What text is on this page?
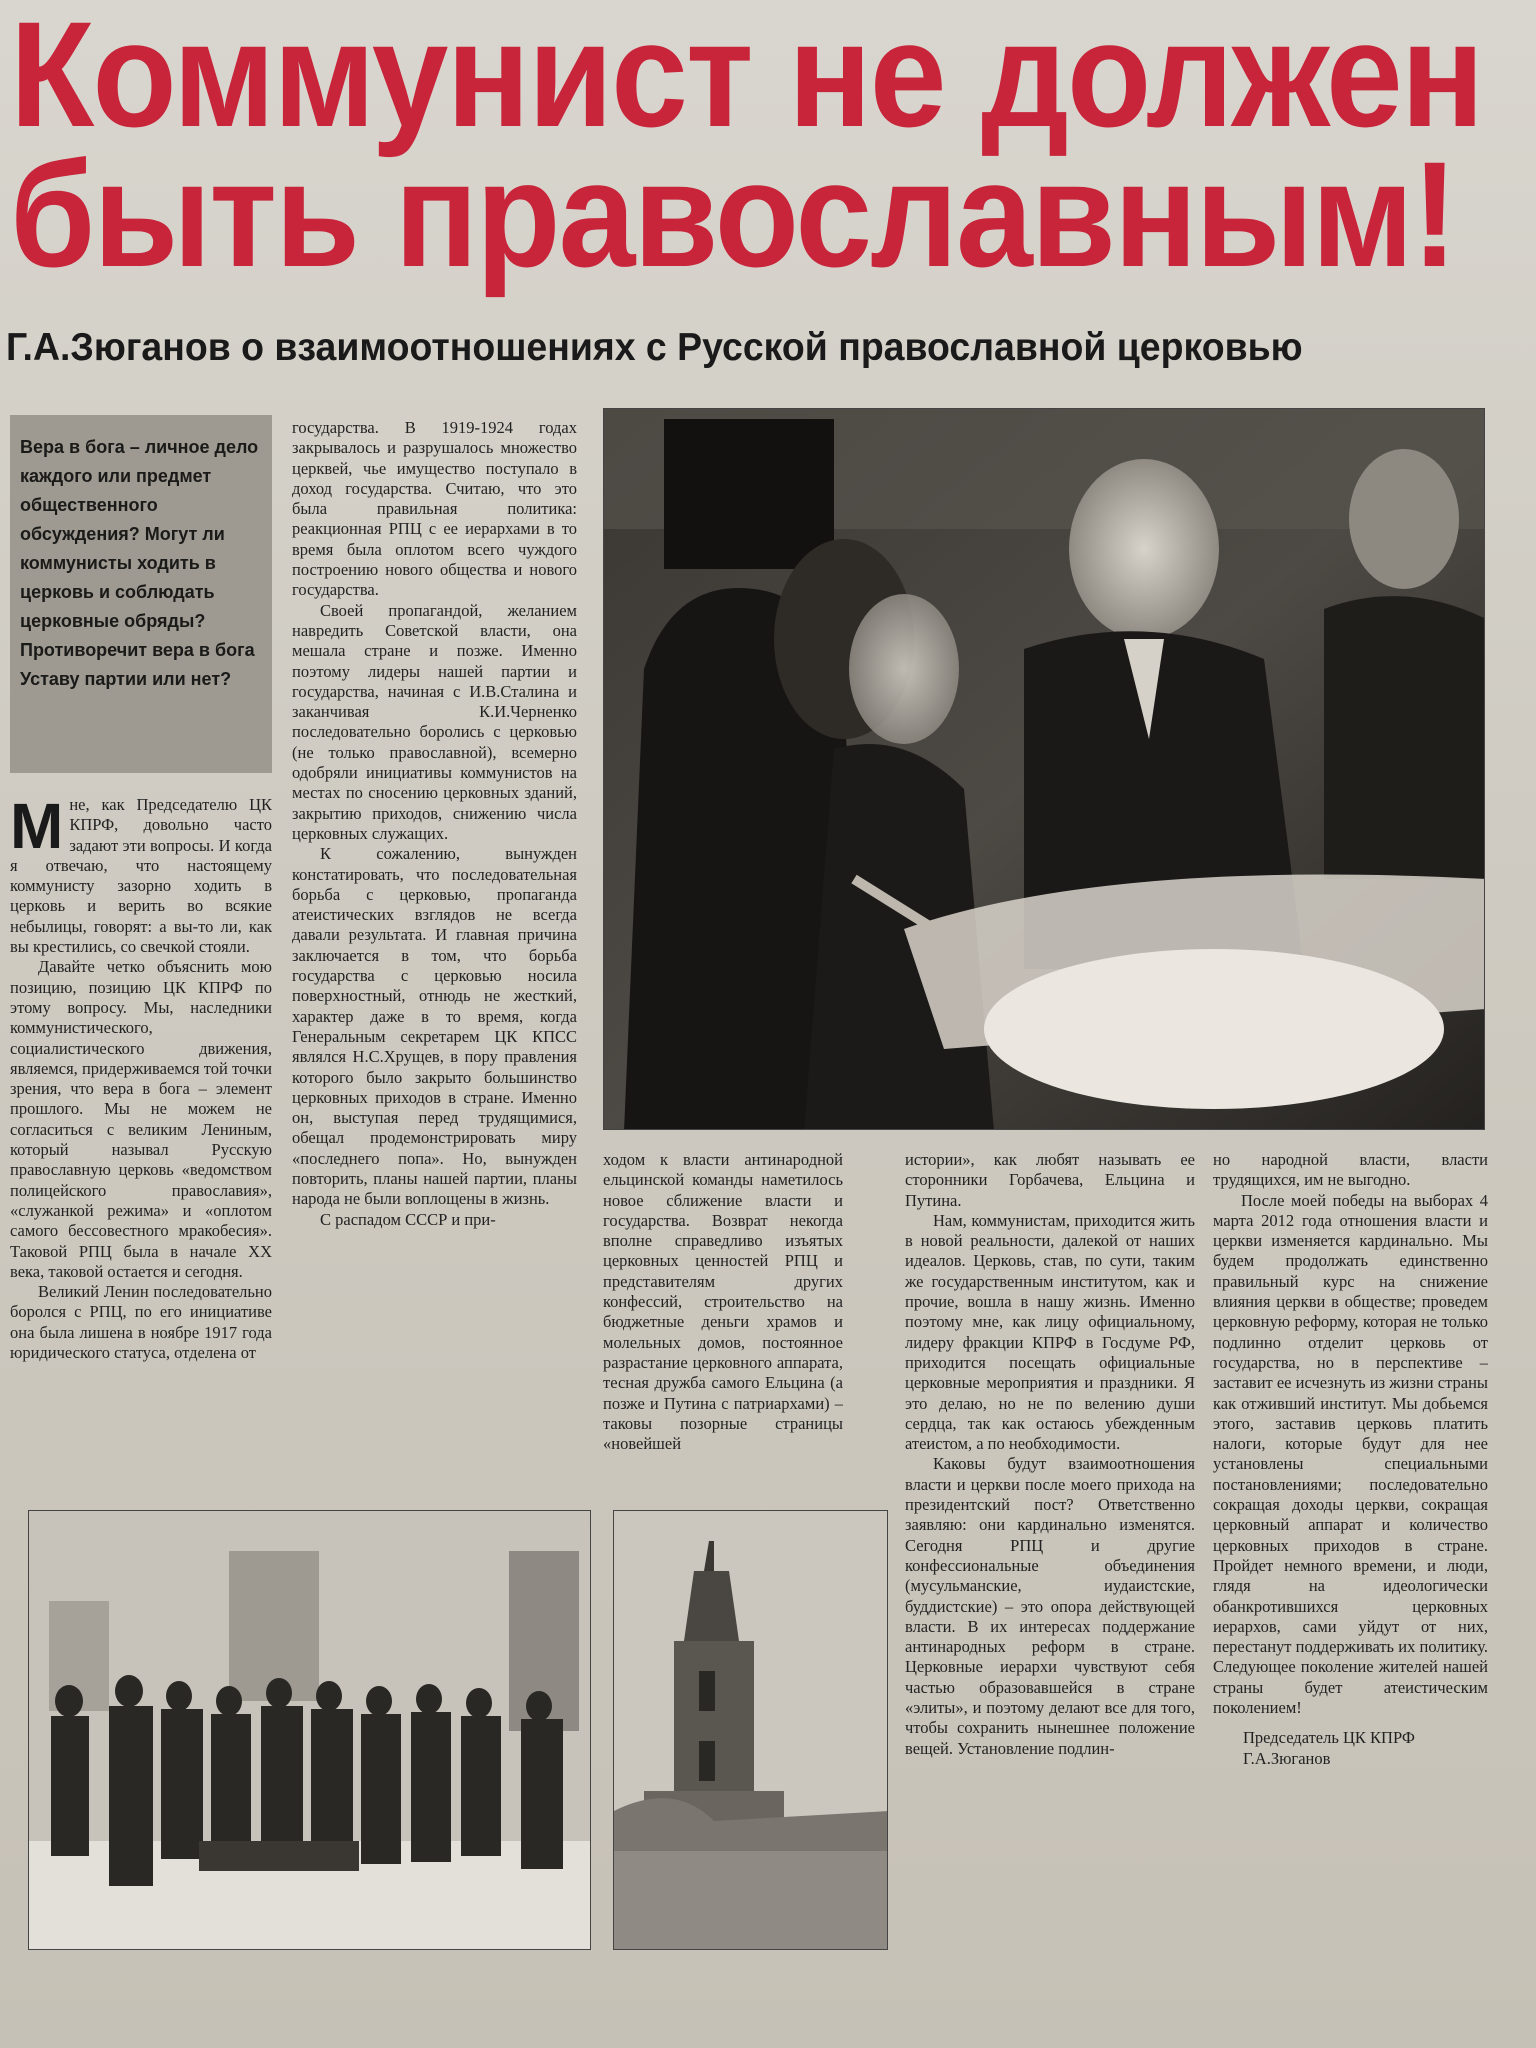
Коммунист не должен
быть православным!
Г.А.Зюганов о взаимоотношениях с Русской православной церковью
Вера в бога – личное дело каждого или предмет общественного обсуждения? Могут ли коммунисты ходить в церковь и соблюдать церковные обряды? Противоречит вера в бога Уставу партии или нет?

Мне, как Председателю ЦК КПРФ, довольно часто задают эти вопросы. И когда я отвечаю, что настоящему коммунисту зазорно ходить в церковь и верить во всякие небылицы, говорят: а вы-то ли, как вы крестились, со свечкой стояли.

Давайте четко объяснить мою позицию, позицию ЦК КПРФ по этому вопросу. Мы, наследники коммунистического, социалистического движения, являемся, придерживаемся той точки зрения, что вера в бога – элемент прошлого. Мы не можем не согласиться с великим Лениным, который называл Русскую православную церковь «ведомством полицейского православия», «служанкой режима» и «оплотом самого бессовестного мракобесия». Таковой РПЦ была в начале XX века, таковой остается и сегодня.

Великий Ленин последовательно боролся с РПЦ, по его инициативе она была лишена в ноябре 1917 года юридического статуса, отделена от

государства. В 1919-1924 годах закрывалось и разрушалось множество церквей, чье имущество поступало в доход государства. Считаю, что это была правильная политика: реакционная РПЦ с ее иерархами в то время была оплотом всего чуждого построению нового общества и нового государства.

Своей пропагандой, желанием навредить Советской власти, она мешала стране и позже. Именно поэтому лидеры нашей партии и государства, начиная с И.В.Сталина и заканчивая К.И.Черненко последовательно боролись с церковью (не только православной), всемерно одобряли инициативы коммунистов на местах по сносению церковных зданий, закрытию приходов, снижению числа церковных служащих.

К сожалению, вынужден констатировать, что последовательная борьба с церковью, пропаганда атеистических взглядов не всегда давали результата. И главная причина заключается в том, что борьба государства с церковью носила поверхностный, отнюдь не жесткий, характер даже в то время, когда Генеральным секретарем ЦК КПСС являлся Н.С.Хрущев, в пору правления которого было закрыто большинство церковных приходов в стране. Именно он, выступая перед трудящимися, обещал продемонстрировать миру «последнего попа». Но, вынужден повторить, планы нашей партии, планы народа не были воплощены в жизнь.

С распадом СССР и при-

ходом к власти антинародной ельцинской команды наметилось новое сближение власти и государства. Возврат некогда вполне справедливо изъятых церковных ценностей РПЦ и представителям других конфессий, строительство на бюджетные деньги храмов и молельных домов, постоянное разрастание церковного аппарата, тесная дружба самого Ельцина (а позже и Путина с патриархами) – таковы позорные страницы «новейшей

истории», как любят называть ее сторонники Горбачева, Ельцина и Путина.

Нам, коммунистам, приходится жить в новой реальности, далекой от наших идеалов. Церковь, став, по сути, таким же государственным институтом, как и прочие, вошла в нашу жизнь. Именно поэтому мне, как лицу официальному, лидеру фракции КПРФ в Госдуме РФ, приходится посещать официальные церковные мероприятия и праздники. Я это делаю, но не по велению души сердца, так как остаюсь убежденным атеистом, а по необходимости.

Каковы будут взаимоотношения власти и церкви после моего прихода на президентский пост? Ответственно заявляю: они кардинально изменятся. Сегодня РПЦ и другие конфессиональные объединения (мусульманские, иудаистские, буддистские) – это опора действующей власти. В их интересах поддержание антинародных реформ в стране. Церковные иерархи чувствуют себя частью образовавшейся в стране «элиты», и поэтому делают все для того, чтобы сохранить нынешнее положение вещей. Установление подлин-

но народной власти, власти трудящихся, им не выгодно.

После моей победы на выборах 4 марта 2012 года отношения власти и церкви изменяется кардинально. Мы будем продолжать единственно правильный курс на снижение влияния церкви в обществе; проведем церковную реформу, которая не только подлинно отделит церковь от государства, но в перспективе – заставит ее исчезнуть из жизни страны как отживший институт. Мы добьемся этого, заставив церковь платить налоги, которые будут для нее установлены специальными постановлениями; последовательно сокращая доходы церкви, сокращая церковный аппарат и количество церковных приходов в стране. Пройдет немного времени, и люди, глядя на идеологически обанкротившихся церковных иерархов, сами уйдут от них, перестанут поддерживать их политику. Следующее поколение жителей нашей страны будет атеистическим поколением!

Председатель ЦК КПРФ
Г.А.Зюганов
